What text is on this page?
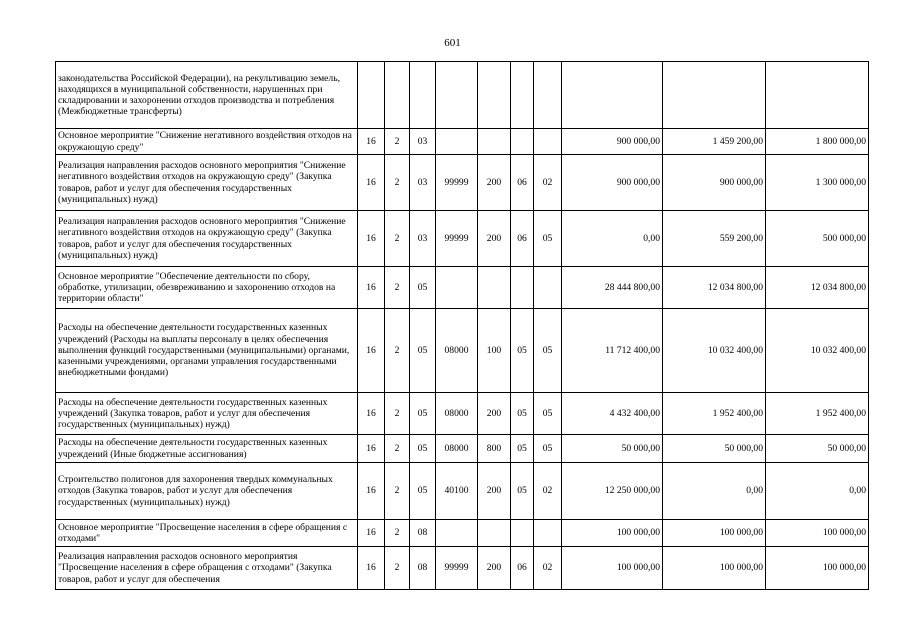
601
законодательства Российской Федерации), на рекультивацию земель, находящихся в муниципальной собственности, нарушенных при складировании и захоронении отходов производства и потребления (Межбюджетные трансферты)										
Основное мероприятие "Снижение негативного воздействия отходов на окружающую среду"	16	2	03					900 000,00	1 459 200,00	1 800 000,00
Реализация направления расходов основного мероприятия "Снижение негативного воздействия отходов на окружающую среду" (Закупка товаров, работ и услуг для обеспечения государственных (муниципальных) нужд)	16	2	03	99999	200	06	02	900 000,00	900 000,00	1 300 000,00
Реализация направления расходов основного мероприятия "Снижение негативного воздействия отходов на окружающую среду" (Закупка товаров, работ и услуг для обеспечения государственных (муниципальных) нужд)	16	2	03	99999	200	06	05	0,00	559 200,00	500 000,00
Основное мероприятие "Обеспечение деятельности по сбору, обработке, утилизации, обезвреживанию и захоронению отходов на территории области"	16	2	05					28 444 800,00	12 034 800,00	12 034 800,00
Расходы на обеспечение деятельности государственных казенных учреждений (Расходы на выплаты персоналу в целях обеспечения выполнения функций государственными (муниципальными) органами, казенными учреждениями, органами управления государственными внебюджетными фондами)	16	2	05	08000	100	05	05	11 712 400,00	10 032 400,00	10 032 400,00
Расходы на обеспечение деятельности государственных казенных учреждений (Закупка товаров, работ и услуг для обеспечения государственных (муниципальных) нужд)	16	2	05	08000	200	05	05	4 432 400,00	1 952 400,00	1 952 400,00
Расходы на обеспечение деятельности государственных казенных учреждений (Иные бюджетные ассигнования)	16	2	05	08000	800	05	05	50 000,00	50 000,00	50 000,00
Строительство полигонов для захоронения твердых коммунальных отходов (Закупка товаров, работ и услуг для обеспечения государственных (муниципальных) нужд)	16	2	05	40100	200	05	02	12 250 000,00	0,00	0,00
Основное мероприятие "Просвещение населения в сфере обращения с отходами"	16	2	08					100 000,00	100 000,00	100 000,00
Реализация направления расходов основного мероприятия "Просвещение населения в сфере обращения с отходами" (Закупка товаров, работ и услуг для обеспечения	16	2	08	99999	200	06	02	100 000,00	100 000,00	100 000,00
